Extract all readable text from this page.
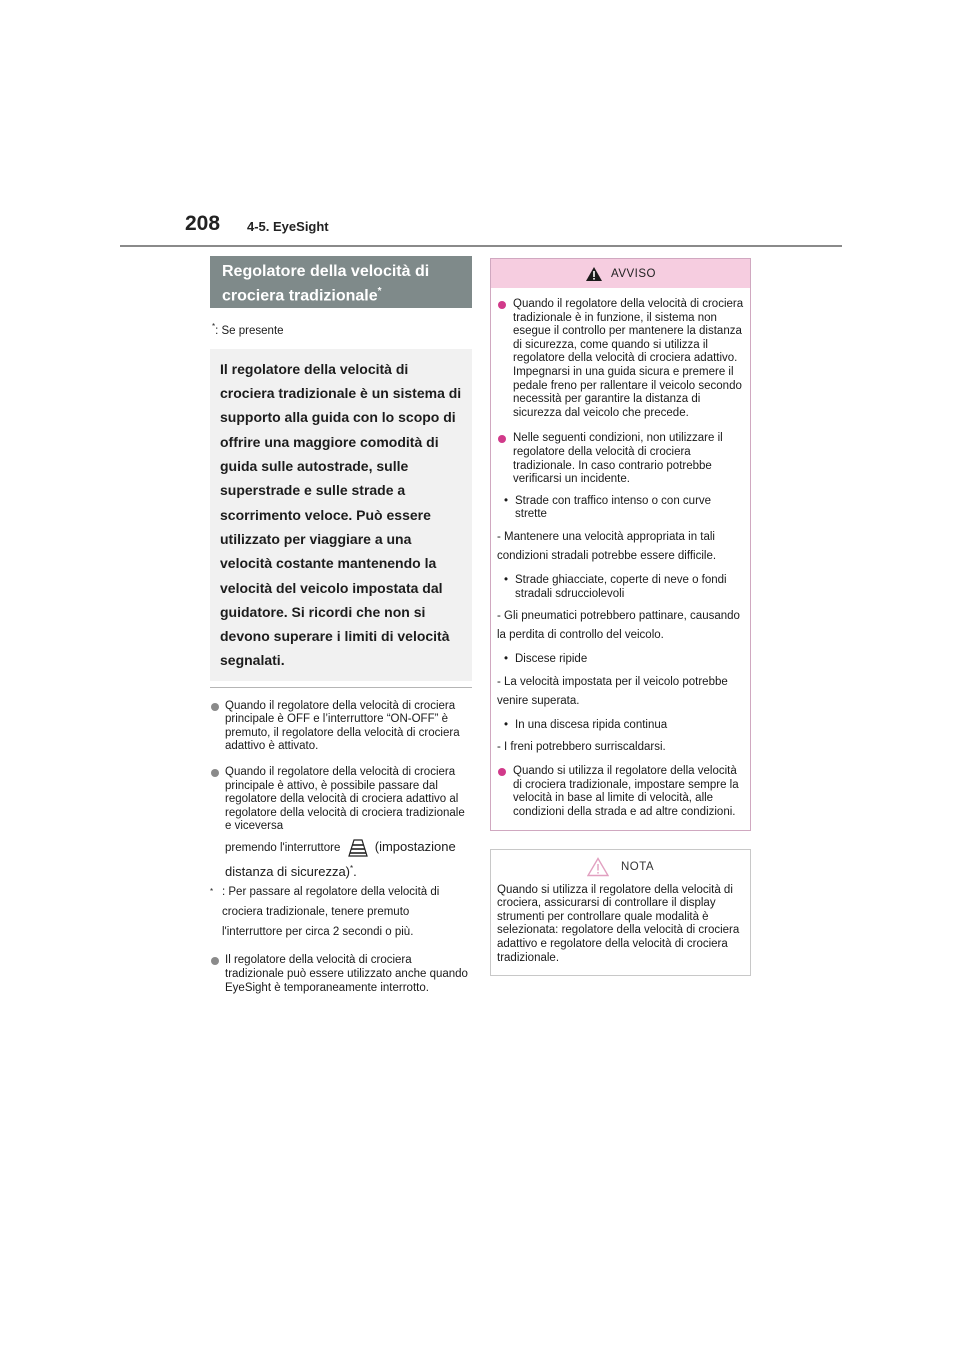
208 4-5. EyeSight
Regolatore della velocità di crociera tradizionale*
*: Se presente
Il regolatore della velocità di crociera tradizionale è un sistema di supporto alla guida con lo scopo di offrire una maggiore comodità di guida sulle autostrade, sulle superstrade e sulle strade a scorrimento veloce. Può essere utilizzato per viaggiare a una velocità costante mantenendo la velocità del veicolo impostata dal guidatore. Si ricordi che non si devono superare i limiti di velocità segnalati.
Quando il regolatore della velocità di crociera principale è OFF e l’interruttore “ON-OFF” è premuto, il regolatore della velocità di crociera adattivo è attivato.
Quando il regolatore della velocità di crociera principale è attivo, è possibile passare dal regolatore della velocità di crociera adattivo al regolatore della velocità di crociera tradizionale e viceversa
premendo l'interruttore	(impostazione distanza di sicurezza)*.
* : Per passare al regolatore della velocità di crociera tradizionale, tenere premuto l'interruttore per circa 2 secondi o più.
Il regolatore della velocità di crociera tradizionale può essere utilizzato anche quando EyeSight è temporaneamente interrotto.
AVVISO
Quando il regolatore della velocità di crociera tradizionale è in funzione, il sistema non esegue il controllo per mantenere la distanza di sicurezza, come quando si utilizza il regolatore della velocità di crociera adattivo. Impegnarsi in una guida sicura e premere il pedale freno per rallentare il veicolo secondo necessità per garantire la distanza di sicurezza dal veicolo che precede.
Nelle seguenti condizioni, non utilizzare il regolatore della velocità di crociera tradizionale. In caso contrario potrebbe verificarsi un incidente.
• Strade con traffico intenso o con curve strette
- Mantenere una velocità appropriata in tali condizioni stradali potrebbe essere difficile.
• Strade ghiacciate, coperte di neve o fondi stradali sdrucciolevoli
- Gli pneumatici potrebbero pattinare, causando la perdita di controllo del veicolo.
• Discese ripide
- La velocità impostata per il veicolo potrebbe venire superata.
• In una discesa ripida continua
- I freni potrebbero surriscaldarsi.
Quando si utilizza il regolatore della velocità di crociera tradizionale, impostare sempre la velocità in base al limite di velocità, alle condizioni della strada e ad altre condizioni.
NOTA
Quando si utilizza il regolatore della velocità di crociera, assicurarsi di controllare il display strumenti per controllare quale modalità è selezionata: regolatore della velocità di crociera adattivo e regolatore della velocità di crociera tradizionale.
